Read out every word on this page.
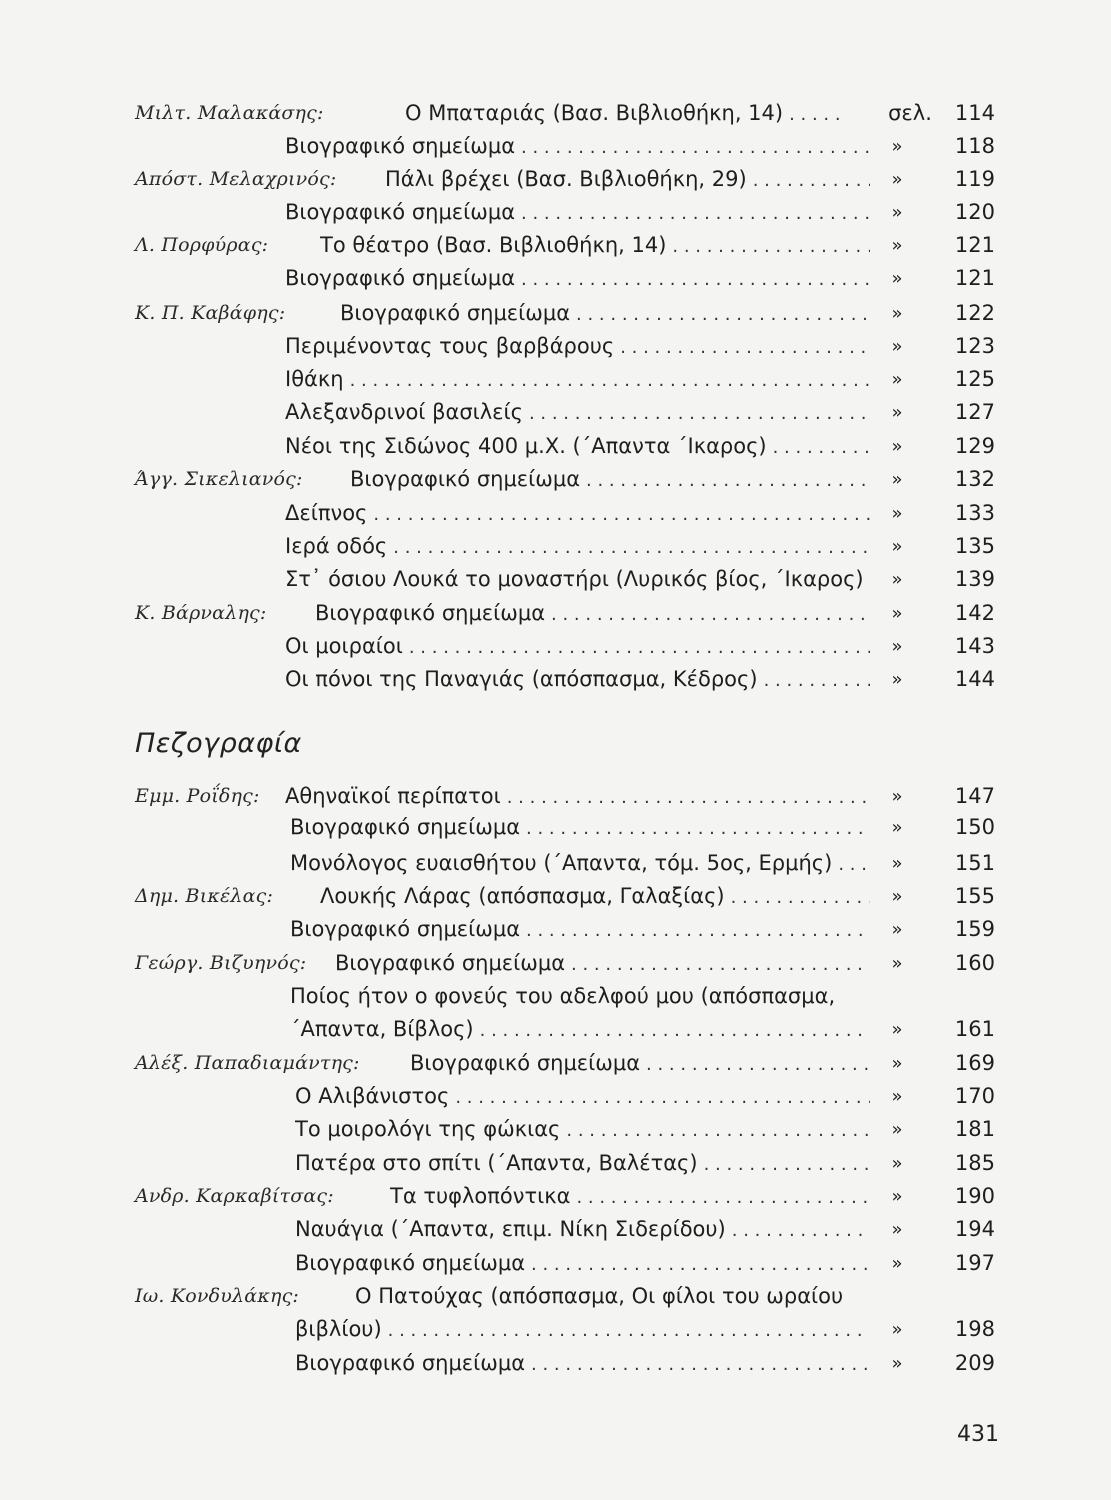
Μιλτ. Μαλακάσης:	Ο Μπαταριάς (Βασ. Βιβλιοθήκη, 14) . . .	σελ.	114
Βιογραφικό σημείωμα . . .	»	118
Απόστ. Μελαχρινός: Πάλι βρέχει (Βασ. Βιβλιοθήκη, 29) . . .	»	119
Βιογραφικό σημείωμα . . .	»	120
Λ. Πορφύρας: Το θέατρο (Βασ. Βιβλιοθήκη, 14) . . .	»	121
Βιογραφικό σημείωμα . . .	»	121
Κ. Π. Καβάφης:	Βιογραφικό σημείωμα . . .	»	122
Περιμένοντας τους βαρβάρους . . .	»	123
Ιθάκη . . .	»	125
Αλεξανδρινοί βασιλείς . . .	»	127
Νέοι της Σιδώνος 400 μ.Χ. (΄Απαντα ΄Ικαρος) . . .	»	129
Άγγ. Σικελιανός: Βιογραφικό σημείωμα . . .	»	132
Δείπνος . . .	»	133
Ιερά οδός . . .	»	135
Στ᾽ όσιου Λουκά το μοναστήρι (Λυρικός βίος, ΄Ικαρος) . . .	»	139
Κ. Βάρναλης: Βιογραφικό σημείωμα . . .	»	142
Οι μοιραίοι . . .	»	143
Οι πόνοι της Παναγιάς (απόσπασμα, Κέδρος) . . .	»	144
Πεζογραφία
Εμμ. Ροΐδης: Αθηναϊκοί περίπατοι . . .	»	147
Βιογραφικό σημείωμα . . .	»	150
Μονόλογος ευαισθήτου (΄Απαντα, τόμ. 5ος, Ερμής) . . .	»	151
Δημ. Βικέλας: Λουκής Λάρας (απόσπασμα, Γαλαξίας) . . .	»	155
Βιογραφικό σημείωμα . . .	»	159
Γεώργ. Βιζυηνός: Βιογραφικό σημείωμα . . .	»	160
Ποίος ήτον ο φονεύς του αδελφού μου (απόσπασμα,
΄Απαντα, Βίβλος) . . .	»	161
Αλέξ. Παπαδιαμάντης: Βιογραφικό σημείωμα . . .	»	169
Ο Αλιβάνιστος . . .	»	170
Το μοιρολόγι της φώκιας . . .	»	181
Πατέρα στο σπίτι (΄Απαντα, Βαλέτας) . . .	»	185
Ανδρ. Καρκαβίτσας:	Τα τυφλοπόντικα . . .	»	190
Ναυάγια (΄Απαντα, επιμ. Νίκη Σιδερίδου) . . .	»	194
Βιογραφικό σημείωμα . . .	»	197
Ιω. Κονδυλάκης:	Ο Πατούχας (απόσπασμα, Οι φίλοι του ωραίου
βιβλίου) . . .	»	198
Βιογραφικό σημείωμα . . .	»	209
431
